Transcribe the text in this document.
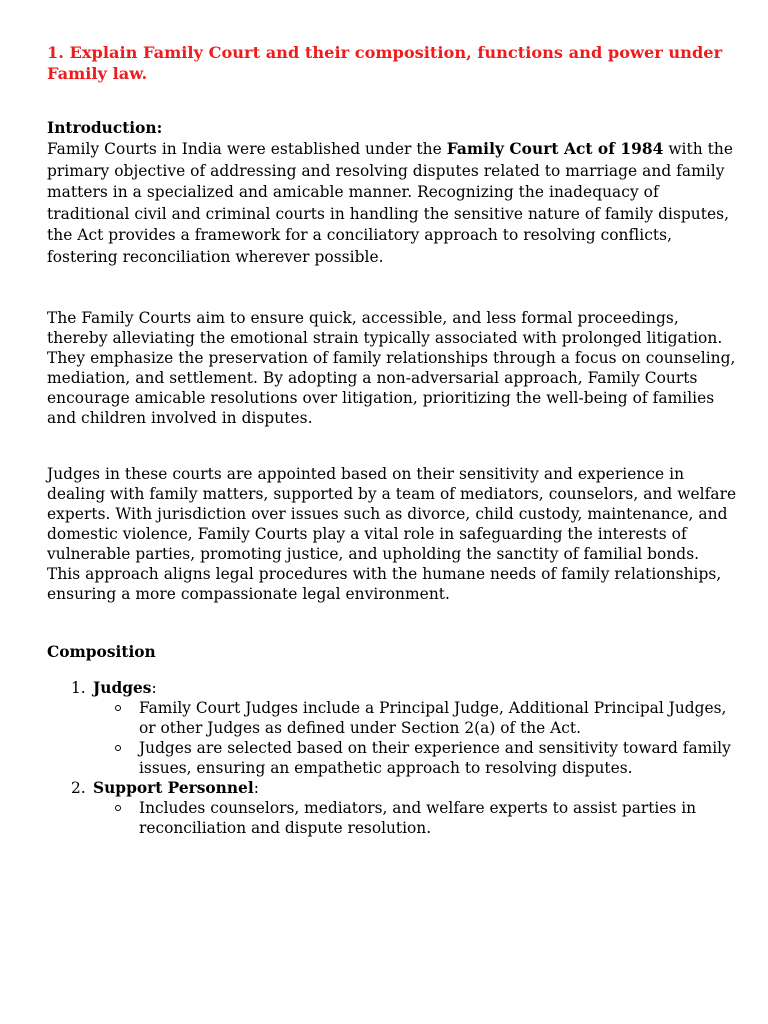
1. Explain Family Court and their composition, functions and power under Family law.
Introduction:
Family Courts in India were established under the Family Court Act of 1984 with the primary objective of addressing and resolving disputes related to marriage and family matters in a specialized and amicable manner. Recognizing the inadequacy of traditional civil and criminal courts in handling the sensitive nature of family disputes, the Act provides a framework for a conciliatory approach to resolving conflicts, fostering reconciliation wherever possible.
The Family Courts aim to ensure quick, accessible, and less formal proceedings, thereby alleviating the emotional strain typically associated with prolonged litigation. They emphasize the preservation of family relationships through a focus on counseling, mediation, and settlement. By adopting a non-adversarial approach, Family Courts encourage amicable resolutions over litigation, prioritizing the well-being of families and children involved in disputes.
Judges in these courts are appointed based on their sensitivity and experience in dealing with family matters, supported by a team of mediators, counselors, and welfare experts. With jurisdiction over issues such as divorce, child custody, maintenance, and domestic violence, Family Courts play a vital role in safeguarding the interests of vulnerable parties, promoting justice, and upholding the sanctity of familial bonds. This approach aligns legal procedures with the humane needs of family relationships, ensuring a more compassionate legal environment.
Composition
1. Judges:
Family Court Judges include a Principal Judge, Additional Principal Judges, or other Judges as defined under Section 2(a) of the Act.
Judges are selected based on their experience and sensitivity toward family issues, ensuring an empathetic approach to resolving disputes.
2. Support Personnel:
Includes counselors, mediators, and welfare experts to assist parties in reconciliation and dispute resolution.
